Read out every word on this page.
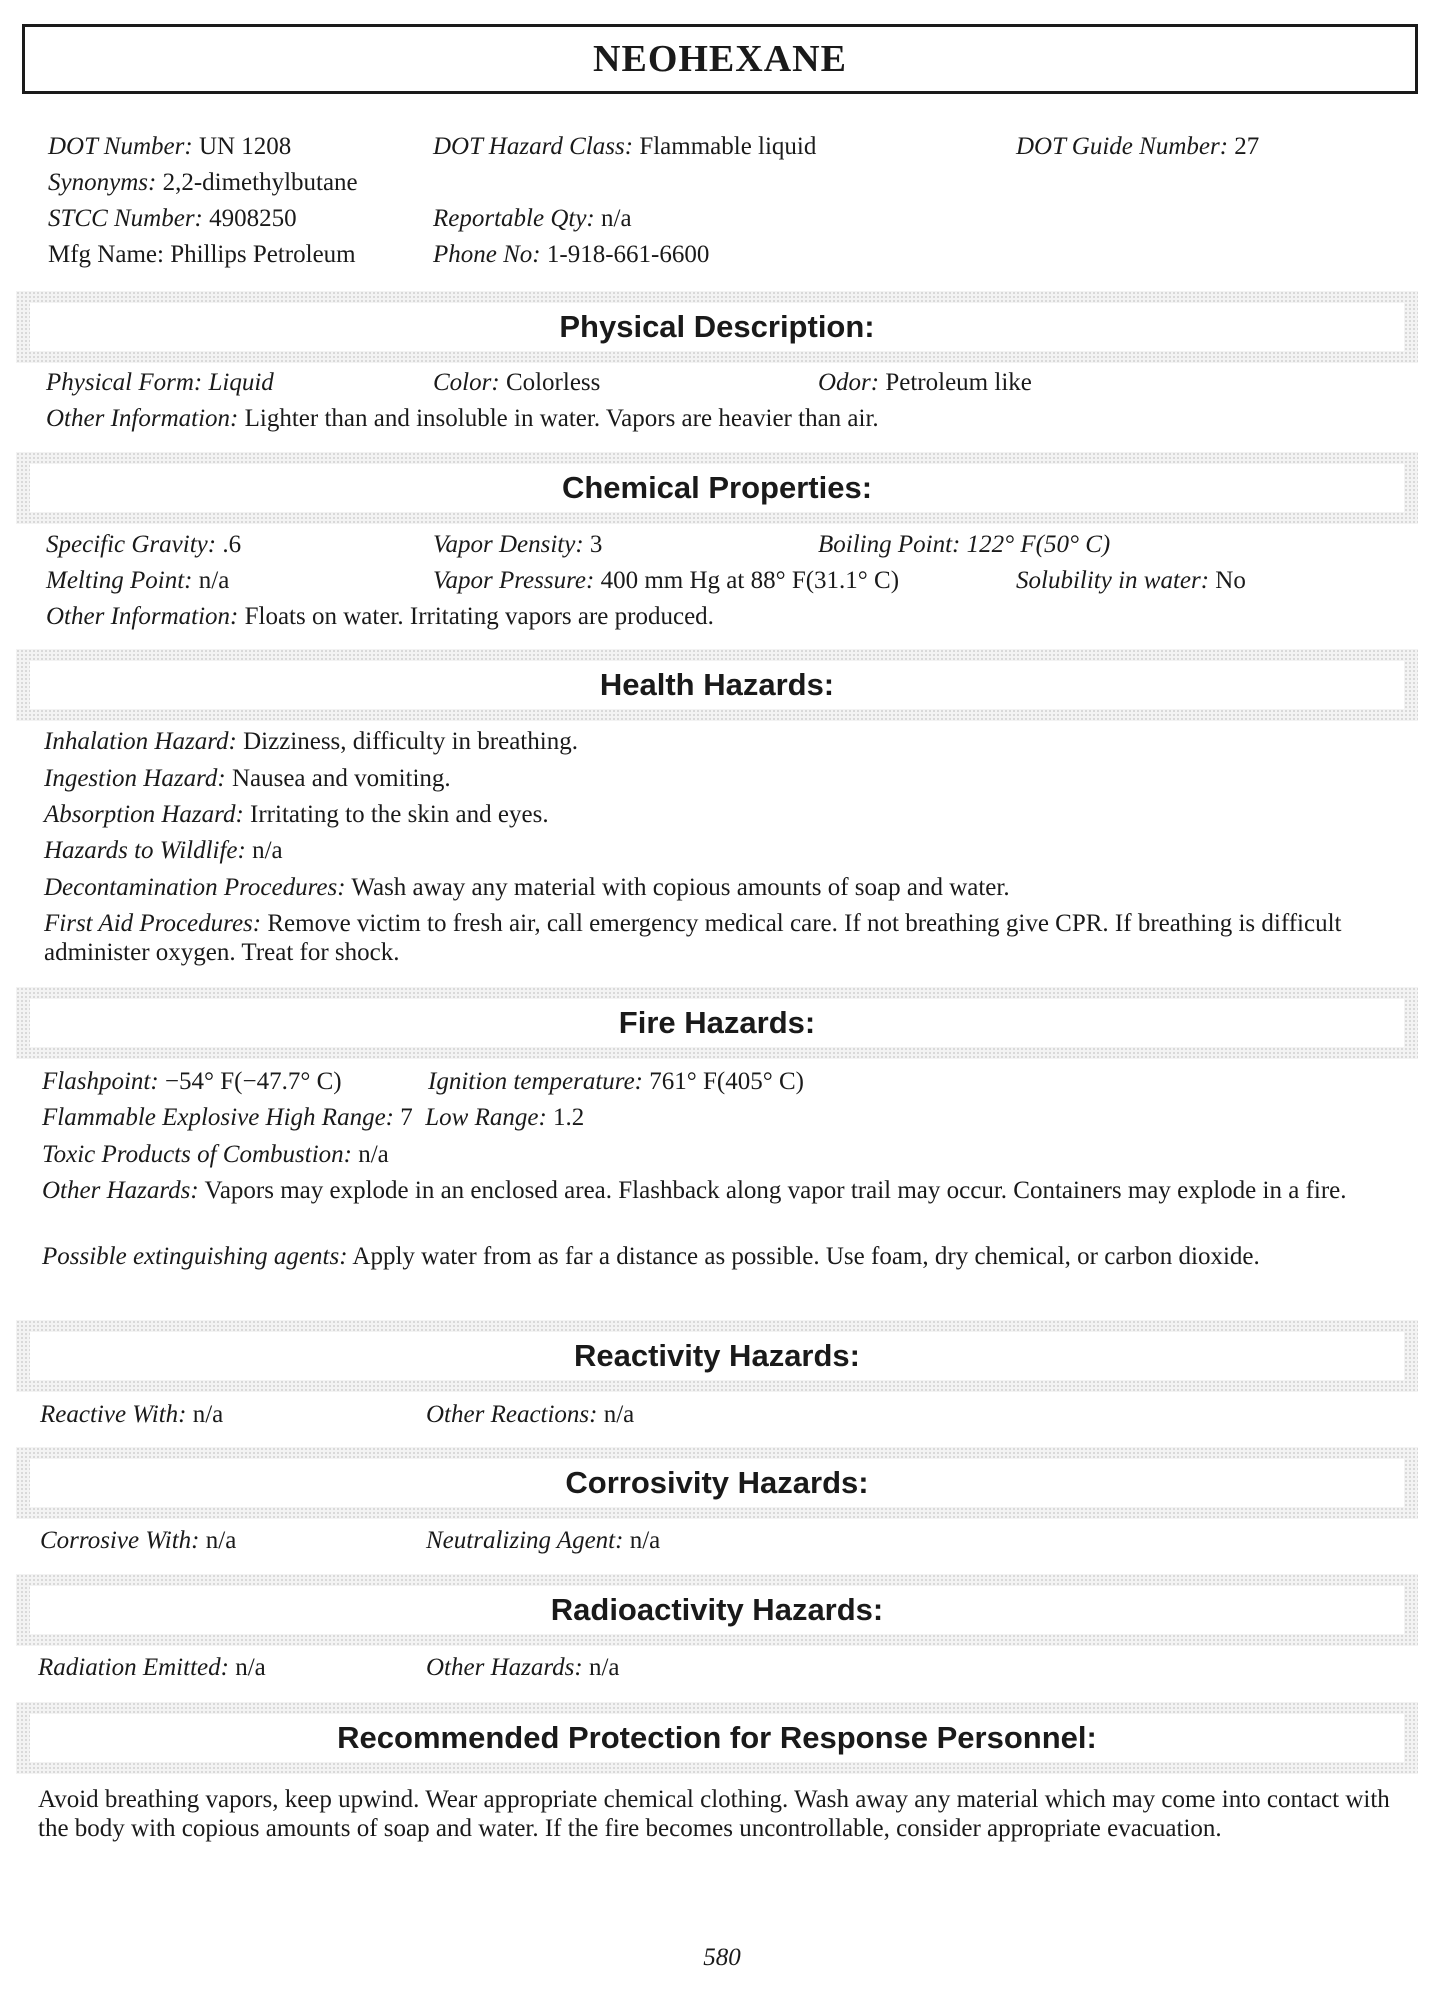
NEOHEXANE
DOT Number: UN 1208	DOT Hazard Class: Flammable liquid	DOT Guide Number: 27
Synonyms: 2,2-dimethylbutane
STCC Number: 4908250	Reportable Qty: n/a
Mfg Name: Phillips Petroleum	Phone No: 1-918-661-6600
Physical Description:
Physical Form: Liquid	Color: Colorless	Odor: Petroleum like
Other Information: Lighter than and insoluble in water. Vapors are heavier than air.
Chemical Properties:
Specific Gravity: .6	Vapor Density: 3	Boiling Point: 122° F(50° C)
Melting Point: n/a	Vapor Pressure: 400 mm Hg at 88° F(31.1° C)	Solubility in water: No
Other Information: Floats on water. Irritating vapors are produced.
Health Hazards:
Inhalation Hazard: Dizziness, difficulty in breathing.
Ingestion Hazard: Nausea and vomiting.
Absorption Hazard: Irritating to the skin and eyes.
Hazards to Wildlife: n/a
Decontamination Procedures: Wash away any material with copious amounts of soap and water.
First Aid Procedures: Remove victim to fresh air, call emergency medical care. If not breathing give CPR. If breathing is difficult administer oxygen. Treat for shock.
Fire Hazards:
Flashpoint: −54° F(−47.7° C)	Ignition temperature: 761° F(405° C)
Flammable Explosive High Range: 7 Low Range: 1.2
Toxic Products of Combustion: n/a
Other Hazards: Vapors may explode in an enclosed area. Flashback along vapor trail may occur. Containers may explode in a fire.
Possible extinguishing agents: Apply water from as far a distance as possible. Use foam, dry chemical, or carbon dioxide.
Reactivity Hazards:
Reactive With: n/a	Other Reactions: n/a
Corrosivity Hazards:
Corrosive With: n/a	Neutralizing Agent: n/a
Radioactivity Hazards:
Radiation Emitted: n/a	Other Hazards: n/a
Recommended Protection for Response Personnel:
Avoid breathing vapors, keep upwind. Wear appropriate chemical clothing. Wash away any material which may come into contact with the body with copious amounts of soap and water. If the fire becomes uncontrollable, consider appropriate evacuation.
580
